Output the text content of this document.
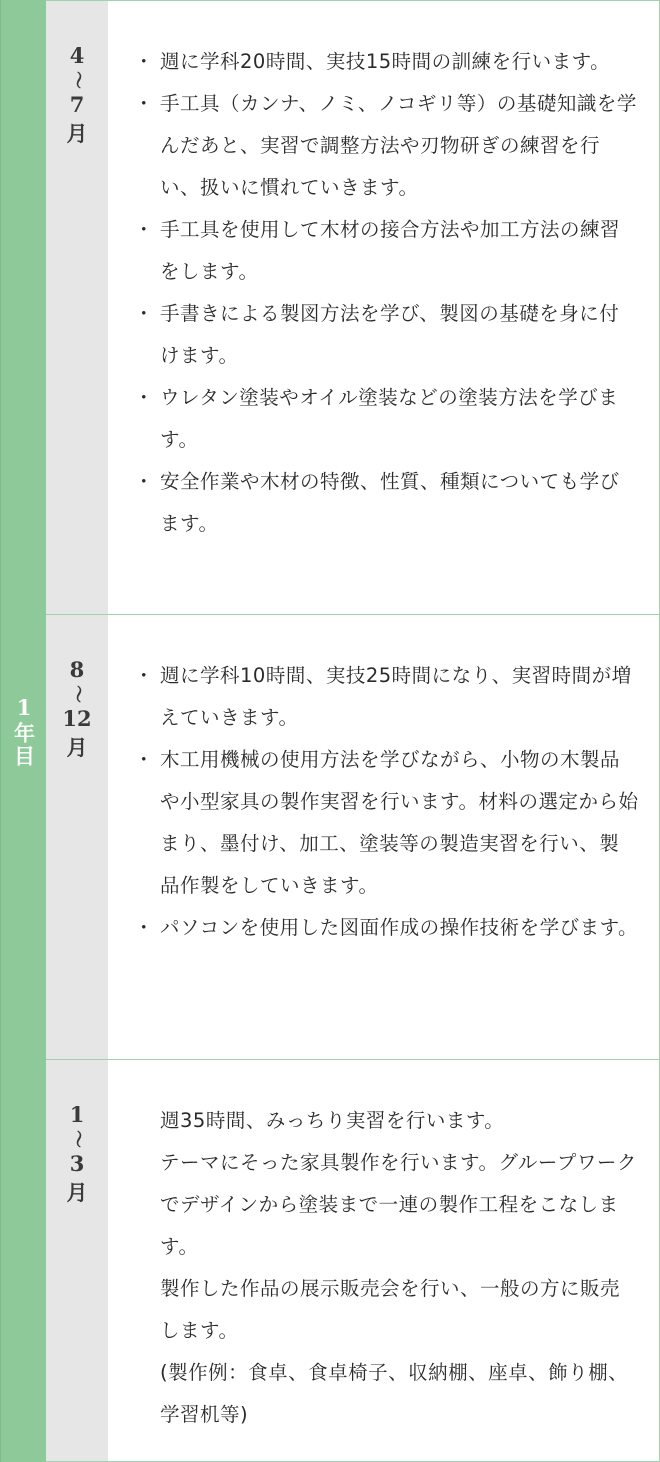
1年目
4
〜
7
月
・ 週に学科20時間、実技15時間の訓練を行います。
・ 手工具（カンナ、ノミ、ノコギリ等）の基礎知識を学んだあと、実習で調整方法や刃物研ぎの練習を行い、扱いに慣れていきます。
・ 手工具を使用して木材の接合方法や加工方法の練習をします。
・ 手書きによる製図方法を学び、製図の基礎を身に付けます。
・ ウレタン塗装やオイル塗装などの塗装方法を学びます。
・ 安全作業や木材の特徴、性質、種類についても学びます。
8
〜
12
月
・ 週に学科10時間、実技25時間になり、実習時間が増えていきます。
・ 木工用機械の使用方法を学びながら、小物の木製品や小型家具の製作実習を行います。材料の選定から始まり、墨付け、加工、塗装等の製造実習を行い、製品作製をしていきます。
・ パソコンを使用した図面作成の操作技術を学びます。
1
〜
3
月

週35時間、みっちり実習を行います。

テーマにそった家具製作を行います。グループワークでデザインから塗装まで一連の製作工程をこなします。

製作した作品の展示販売会を行い、一般の方に販売します。

(製作例：食卓、食卓椅子、収納棚、座卓、飾り棚、学習机等)
